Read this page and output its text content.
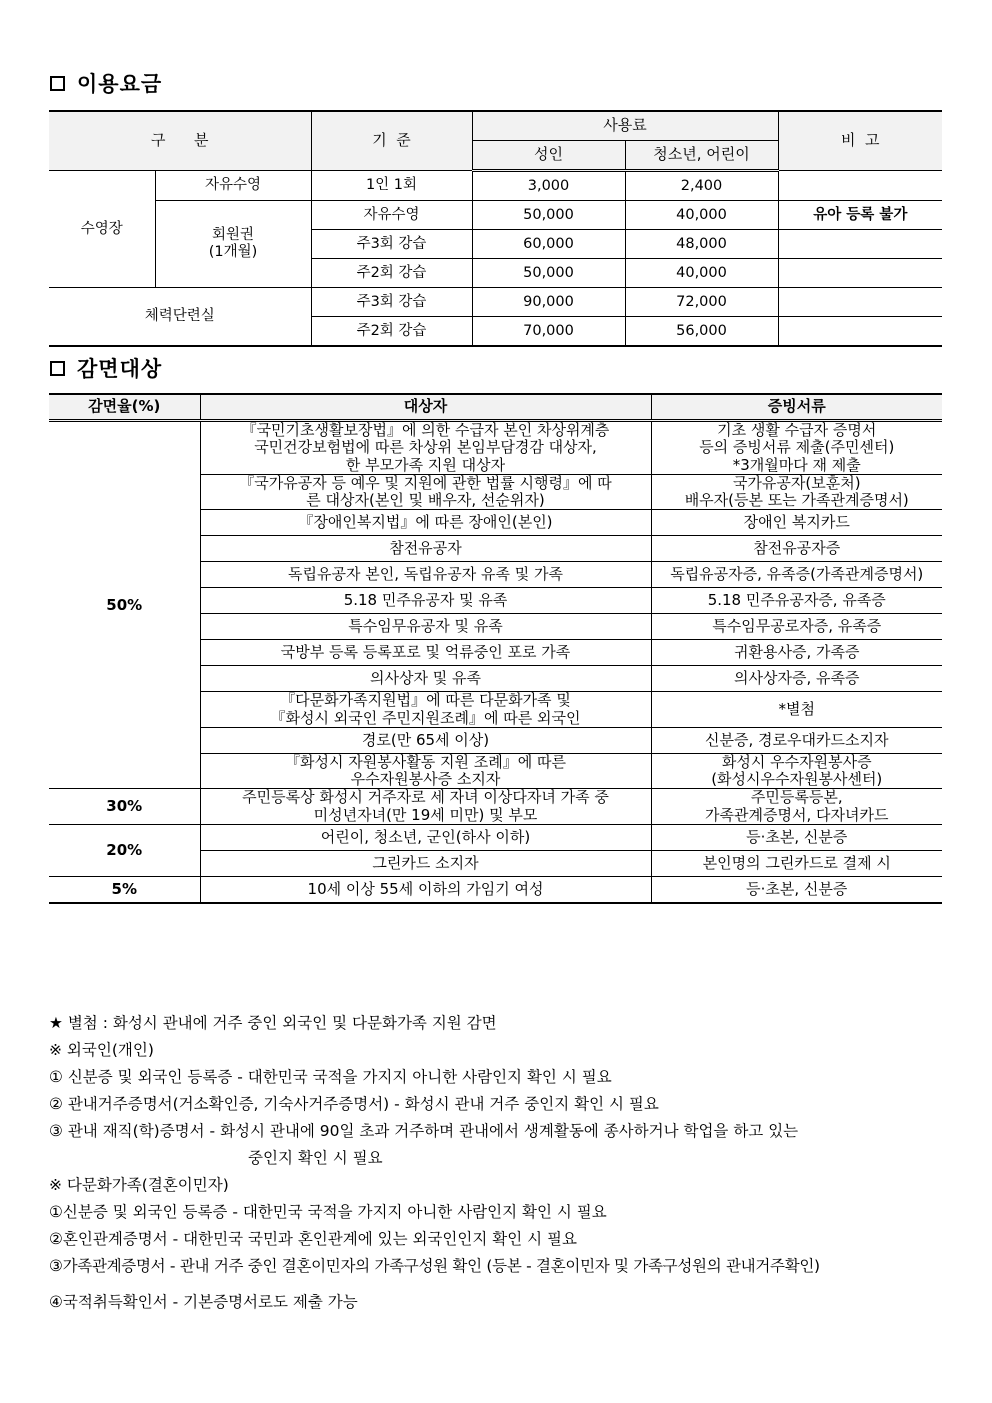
이용요금
구      분		기  준	사용료		비  고
			성인	청소년, 어린이	
수영장	자유수영	1인 1회	3,000	2,400	

	회원권
(1개월)	자유수영	50,000	40,000	유아 등록 불가
		주3회 강습	60,000	48,000	
		주2회 강습	50,000	40,000	
체력단련실		주3회 강습	90,000	72,000	
		주2회 강습	70,000	56,000	
감면대상
감면율(%)	대상자	증빙서류
50%	『국민기초생활보장법』에 의한 수급자 본인 차상위계층
국민건강보험법에 따른 차상위 본임부담경감 대상자,
한 부모가족 지원 대상자	기초 생활 수급자 증명서
등의 증빙서류 제출(주민센터)
*3개월마다 재 제출

	『국가유공자 등 예우 및 지원에 관한 법률 시행령』에 따
른 대상자(본인 및 배우자, 선순위자)	국가유공자(보훈처)
배우자(등본 또는 가족관계증명서)

	『장애인복지법』에 따른 장애인(본인)	장애인 복지카드

	참전유공자	참전유공자증

	독립유공자 본인, 독립유공자 유족 및 가족	독립유공자증, 유족증(가족관계증명서)

	5.18 민주유공자 및 유족	5.18 민주유공자증, 유족증

	특수임무유공자 및 유족	특수임무공로자증, 유족증

	국방부 등록 등록포로 및 억류중인 포로 가족	귀환용사증, 가족증

	의사상자 및 유족	의사상자증, 유족증

	『다문화가족지원법』에 따른 다문화가족 및
『화성시 외국인 주민지원조례』에 따른 외국인	*별첨

	경로(만 65세 이상)	신분증, 경로우대카드소지자

	『화성시 자원봉사활동 지원 조례』에 따른
우수자원봉사증 소지자	화성시 우수자원봉사증
(화성시우수자원봉사센터)

30%	주민등록상 화성시 거주자로 세 자녀 이상다자녀 가족 중
미성년자녀(만 19세 미만) 및 부모	주민등록등본,
가족관계증명서, 다자녀카드

20%	어린이, 청소년, 군인(하사 이하)	등·초본, 신분증

	그린카드 소지자	본인명의 그린카드로 결제 시

5%	10세 이상 55세 이하의 가임기 여성	등·초본, 신분증
★ 별첨 : 화성시 관내에 거주 중인 외국인 및 다문화가족 지원 감면
※ 외국인(개인)
① 신분증 및 외국인 등록증 - 대한민국 국적을 가지지 아니한 사람인지 확인 시 필요
② 관내거주증명서(거소확인증, 기숙사거주증명서) - 화성시 관내 거주 중인지 확인 시 필요
③ 관내 재직(학)증명서 - 화성시 관내에 90일 초과 거주하며 관내에서 생계활동에 종사하거나 학업을 하고 있는
중인지 확인 시 필요
※ 다문화가족(결혼이민자)
①신분증 및 외국인 등록증 - 대한민국 국적을 가지지 아니한 사람인지 확인 시 필요
②혼인관계증명서 - 대한민국 국민과 혼인관계에 있는 외국인인지 확인 시 필요
③가족관계증명서 - 관내 거주 중인 결혼이민자의 가족구성원 확인 (등본 - 결혼이민자 및 가족구성원의 관내거주확인)
④국적취득확인서 - 기본증명서로도 제출 가능
